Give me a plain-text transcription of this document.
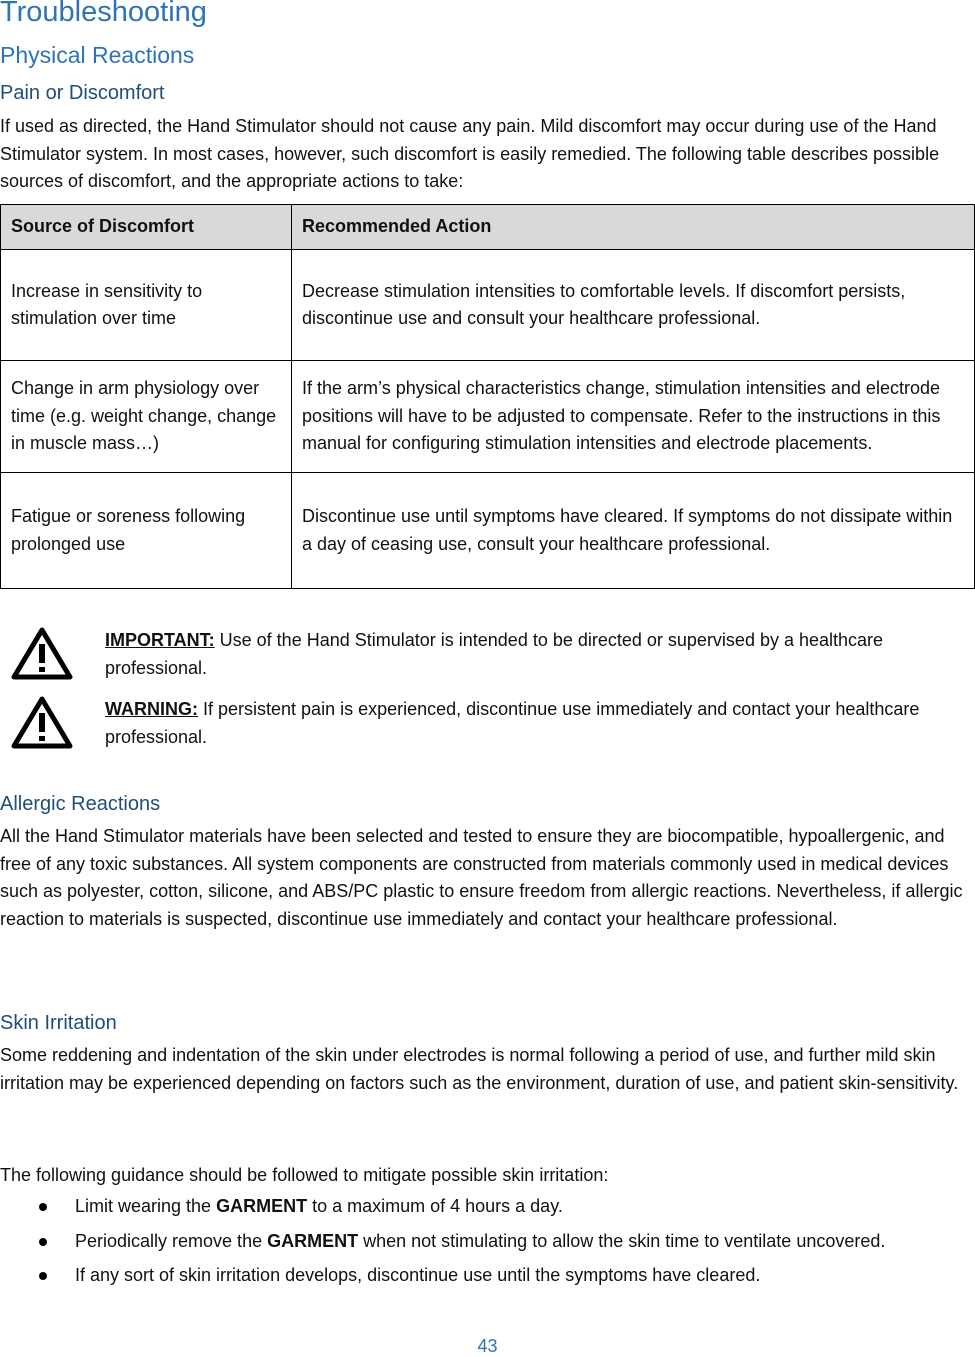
Troubleshooting
Physical Reactions
Pain or Discomfort
If used as directed, the Hand Stimulator should not cause any pain. Mild discomfort may occur during use of the Hand Stimulator system. In most cases, however, such discomfort is easily remedied. The following table describes possible sources of discomfort, and the appropriate actions to take:
Source of Discomfort	Recommended Action
Increase in sensitivity to stimulation over time	Decrease stimulation intensities to comfortable levels. If discomfort persists, discontinue use and consult your healthcare professional.
Change in arm physiology over time (e.g. weight change, change in muscle mass…)	If the arm’s physical characteristics change, stimulation intensities and electrode positions will have to be adjusted to compensate. Refer to the instructions in this manual for configuring stimulation intensities and electrode placements.
Fatigue or soreness following prolonged use	Discontinue use until symptoms have cleared. If symptoms do not dissipate within a day of ceasing use, consult your healthcare professional.
IMPORTANT: Use of the Hand Stimulator is intended to be directed or supervised by a healthcare professional.
WARNING: If persistent pain is experienced, discontinue use immediately and contact your healthcare professional.
Allergic Reactions
All the Hand Stimulator materials have been selected and tested to ensure they are biocompatible, hypoallergenic, and free of any toxic substances. All system components are constructed from materials commonly used in medical devices such as polyester, cotton, silicone, and ABS/PC plastic to ensure freedom from allergic reactions. Nevertheless, if allergic reaction to materials is suspected, discontinue use immediately and contact your healthcare professional.
Skin Irritation
Some reddening and indentation of the skin under electrodes is normal following a period of use, and further mild skin irritation may be experienced depending on factors such as the environment, duration of use, and patient skin-sensitivity.
The following guidance should be followed to mitigate possible skin irritation:
Limit wearing the GARMENT to a maximum of 4 hours a day.
Periodically remove the GARMENT when not stimulating to allow the skin time to ventilate uncovered.
If any sort of skin irritation develops, discontinue use until the symptoms have cleared.
43
